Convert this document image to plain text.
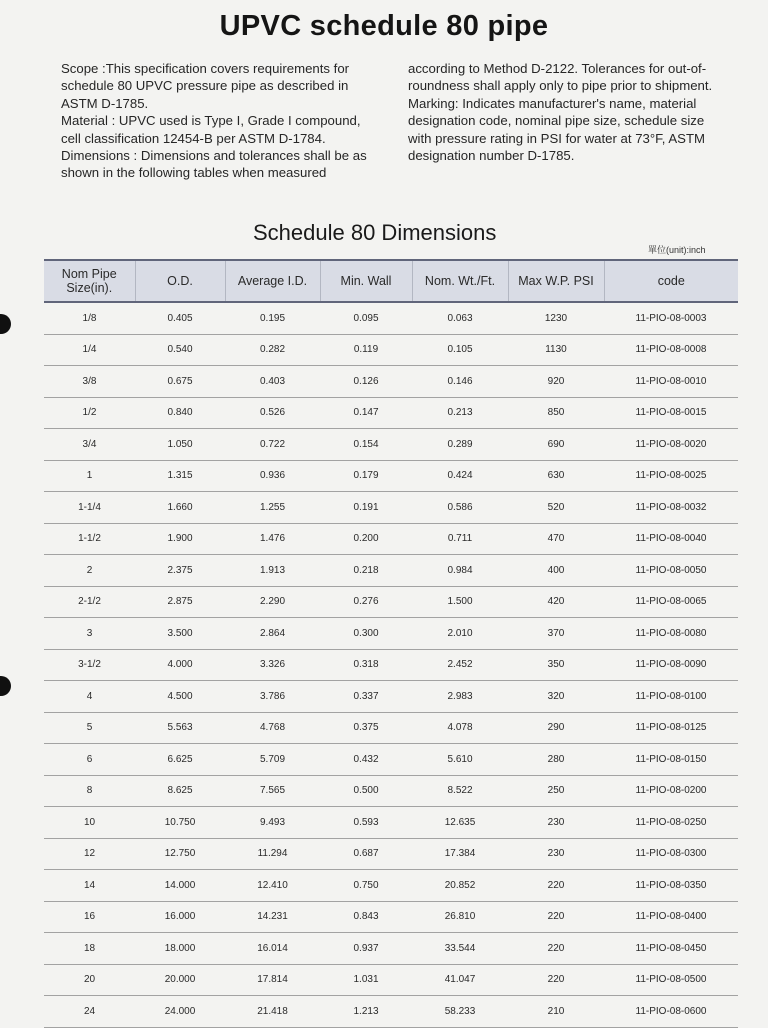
UPVC schedule 80 pipe

Scope :This specification covers requirements for schedule 80 UPVC pressure pipe as described in ASTM D-1785.

Material : UPVC used is Type I, Grade I compound, cell classification 12454-B per ASTM D-1784.

Dimensions : Dimensions and tolerances shall be as shown in the following tables when measured

according to Method D-2122. Tolerances for out-of-roundness shall apply only to pipe prior to shipment.

Marking: Indicates manufacturer's name, material designation code, nominal pipe size, schedule size with pressure rating in PSI for water at 73°F, ASTM designation number D-1785.

Schedule 80 Dimensions
單位(unit):inch
Nom Pipe Size(in).	O.D.	Average I.D.	Min. Wall	Nom. Wt./Ft.	Max W.P. PSI	code
1/8	0.405	0.195	0.095	0.063	1230	11-PIO-08-0003
1/4	0.540	0.282	0.119	0.105	1130	11-PIO-08-0008
3/8	0.675	0.403	0.126	0.146	920	11-PIO-08-0010
1/2	0.840	0.526	0.147	0.213	850	11-PIO-08-0015
3/4	1.050	0.722	0.154	0.289	690	11-PIO-08-0020
1	1.315	0.936	0.179	0.424	630	11-PIO-08-0025
1-1/4	1.660	1.255	0.191	0.586	520	11-PIO-08-0032
1-1/2	1.900	1.476	0.200	0.711	470	11-PIO-08-0040
2	2.375	1.913	0.218	0.984	400	11-PIO-08-0050
2-1/2	2.875	2.290	0.276	1.500	420	11-PIO-08-0065
3	3.500	2.864	0.300	2.010	370	11-PIO-08-0080
3-1/2	4.000	3.326	0.318	2.452	350	11-PIO-08-0090
4	4.500	3.786	0.337	2.983	320	11-PIO-08-0100
5	5.563	4.768	0.375	4.078	290	11-PIO-08-0125
6	6.625	5.709	0.432	5.610	280	11-PIO-08-0150
8	8.625	7.565	0.500	8.522	250	11-PIO-08-0200
10	10.750	9.493	0.593	12.635	230	11-PIO-08-0250
12	12.750	11.294	0.687	17.384	230	11-PIO-08-0300
14	14.000	12.410	0.750	20.852	220	11-PIO-08-0350
16	16.000	14.231	0.843	26.810	220	11-PIO-08-0400
18	18.000	16.014	0.937	33.544	220	11-PIO-08-0450
20	20.000	17.814	1.031	41.047	220	11-PIO-08-0500
24	24.000	21.418	1.213	58.233	210	11-PIO-08-0600
